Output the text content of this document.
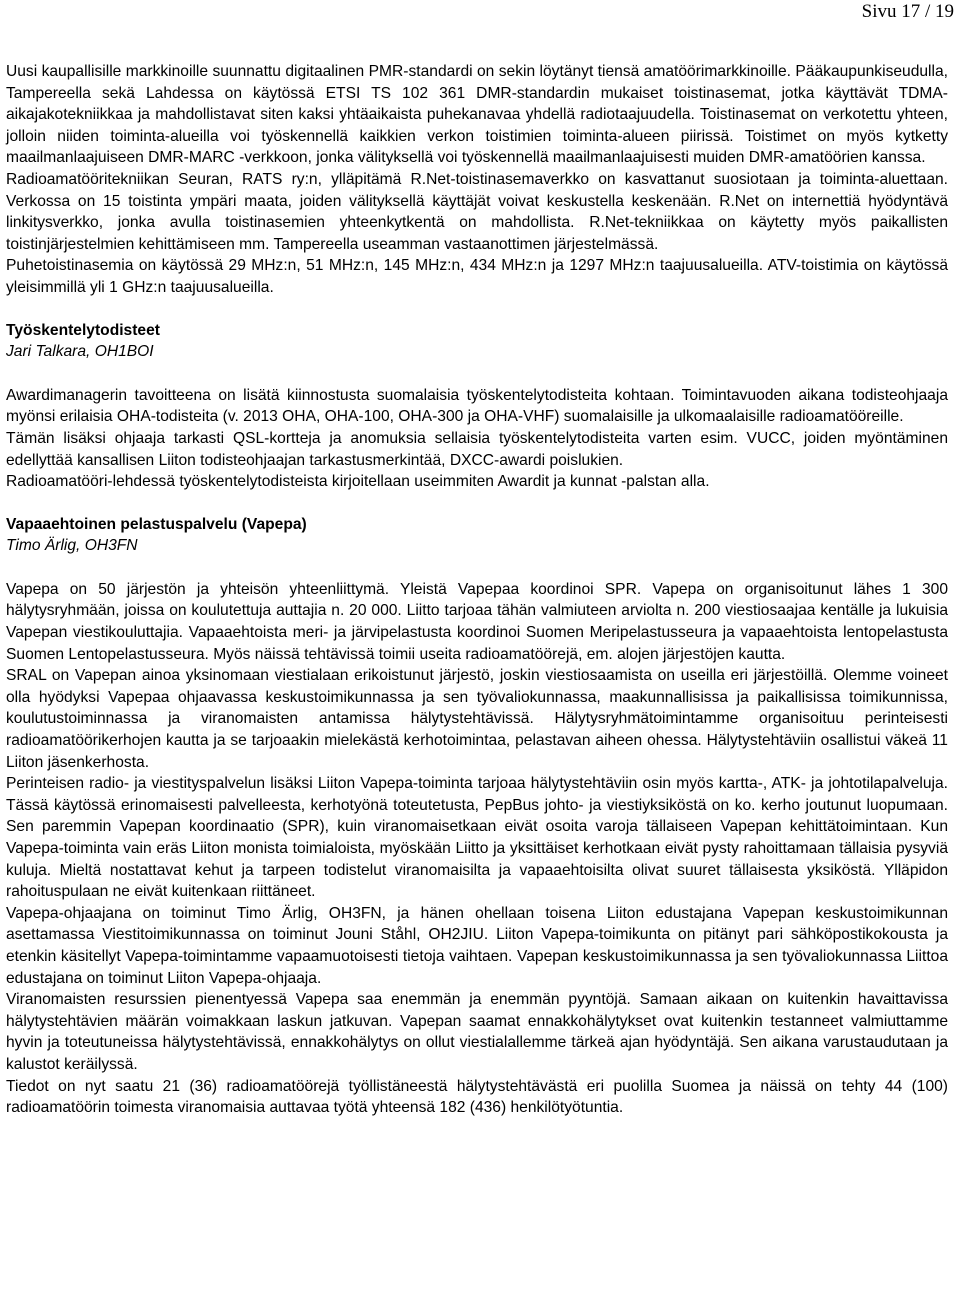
Sivu 17 / 19

Uusi kaupallisille markkinoille suunnattu digitaalinen PMR-standardi on sekin löytänyt tiensä amatöörimarkkinoille. Pääkaupunkiseudulla, Tampereella sekä Lahdessa on käytössä ETSI TS 102 361 DMR-standardin mukaiset toistinasemat, jotka käyttävät TDMA-aikajakotekniikkaa ja mahdollistavat siten kaksi yhtäaikaista puhekanavaa yhdellä radiotaajuudella. Toistinasemat on verkotettu yhteen, jolloin niiden toiminta-alueilla voi työskennellä kaikkien verkon toistimien toiminta-alueen piirissä. Toistimet on myös kytketty maailmanlaajuiseen DMR-MARC -verkkoon, jonka välityksellä voi työskennellä maailmanlaajuisesti muiden DMR-amatöörien kanssa.

Radioamatööritekniikan Seuran, RATS ry:n, ylläpitämä R.Net-toistinasemaverkko on kasvattanut suosiotaan ja toiminta-aluettaan. Verkossa on 15 toistinta ympäri maata, joiden välityksellä käyttäjät voivat keskustella keskenään. R.Net on internettiä hyödyntävä linkitysverkko, jonka avulla toistinasemien yhteenkytkentä on mahdollista. R.Net-tekniikkaa on käytetty myös paikallisten toistinjärjestelmien kehittämiseen mm. Tampereella useamman vastaanottimen järjestelmässä.

Puhetoistinasemia on käytössä 29 MHz:n, 51 MHz:n, 145 MHz:n, 434 MHz:n ja 1297 MHz:n taajuusalueilla. ATV-toistimia on käytössä yleisimmillä yli 1 GHz:n taajuusalueilla.

Työskentelytodisteet

Jari Talkara, OH1BOI

Awardimanagerin tavoitteena on lisätä kiinnostusta suomalaisia työskentelytodisteita kohtaan. Toimintavuoden aikana todisteohjaaja myönsi erilaisia OHA-todisteita (v. 2013 OHA, OHA-100, OHA-300 ja OHA-VHF) suomalaisille ja ulkomaalaisille radioamatööreille.

Tämän lisäksi ohjaaja tarkasti QSL-kortteja ja anomuksia sellaisia työskentelytodisteita varten esim. VUCC, joiden myöntäminen edellyttää kansallisen Liiton todisteohjaajan tarkastusmerkintää, DXCC-awardi poislukien.

Radioamatööri-lehdessä työskentelytodisteista kirjoitellaan useimmiten Awardit ja kunnat -palstan alla.

Vapaaehtoinen pelastuspalvelu (Vapepa)

Timo Ärlig, OH3FN

Vapepa on 50 järjestön ja yhteisön yhteenliittymä. Yleistä Vapepaa koordinoi SPR. Vapepa on organisoitunut lähes 1 300 hälytysryhmään, joissa on koulutettuja auttajia n. 20 000. Liitto tarjoaa tähän valmiuteen arviolta n. 200 viestiosaajaa kentälle ja lukuisia Vapepan viestikouluttajia. Vapaaehtoista meri- ja järvipelastusta koordinoi Suomen Meripelastusseura ja vapaaehtoista lentopelastusta Suomen Lentopelastusseura. Myös näissä tehtävissä toimii useita radioamatöörejä, em. alojen järjestöjen kautta.

SRAL on Vapepan ainoa yksinomaan viestialaan erikoistunut järjestö, joskin viestiosaamista on useilla eri järjestöillä. Olemme voineet olla hyödyksi Vapepaa ohjaavassa keskustoimikunnassa ja sen työvaliokunnassa, maakunnallisissa ja paikallisissa toimikunnissa, koulutustoiminnassa ja viranomaisten antamissa hälytystehtävissä. Hälytysryhmätoimintamme organisoituu perinteisesti radioamatöörikerhojen kautta ja se tarjoaakin mielekästä kerhotoimintaa, pelastavan aiheen ohessa. Hälytystehtäviin osallistui väkeä 11 Liiton jäsenkerhosta.

Perinteisen radio- ja viestityspalvelun lisäksi Liiton Vapepa-toiminta tarjoaa hälytystehtäviin osin myös kartta-, ATK- ja johtotilapalveluja. Tässä käytössä erinomaisesti palvelleesta, kerhotyönä toteutetusta, PepBus johto- ja viestiyksiköstä on ko. kerho joutunut luopumaan. Sen paremmin Vapepan koordinaatio (SPR), kuin viranomaisetkaan eivät osoita varoja tällaiseen Vapepan kehittätoimintaan. Kun Vapepa-toiminta vain eräs Liiton monista toimialoista, myöskään Liitto ja yksittäiset kerhotkaan eivät pysty rahoittamaan tällaisia pysyviä kuluja. Mieltä nostattavat kehut ja tarpeen todistelut viranomaisilta ja vapaaehtoisilta olivat suuret tällaisesta yksiköstä. Ylläpidon rahoituspulaan ne eivät kuitenkaan riittäneet.

Vapepa-ohjaajana on toiminut Timo Ärlig, OH3FN, ja hänen ohellaan toisena Liiton edustajana Vapepan keskustoimikunnan asettamassa Viestitoimikunnassa on toiminut Jouni Ståhl, OH2JIU. Liiton Vapepa-toimikunta on pitänyt pari sähköpostikokousta ja etenkin käsitellyt Vapepa-toimintamme vapaamuotoisesti tietoja vaihtaen. Vapepan keskustoimikunnassa ja sen työvaliokunnassa Liittoa edustajana on toiminut Liiton Vapepa-ohjaaja.

Viranomaisten resurssien pienentyessä Vapepa saa enemmän ja enemmän pyyntöjä. Samaan aikaan on kuitenkin havaittavissa hälytystehtävien määrän voimakkaan laskun jatkuvan. Vapepan saamat ennakkohälytykset ovat kuitenkin testanneet valmiuttamme hyvin ja toteutuneissa hälytystehtävissä, ennakkohälytys on ollut viestialallemme tärkeä ajan hyödyntäjä. Sen aikana varustaudutaan ja kalustot keräilyssä.

Tiedot on nyt saatu 21 (36) radioamatöörejä työllistäneestä hälytystehtävästä eri puolilla Suomea ja näissä on tehty 44 (100) radioamatöörin toimesta viranomaisia auttavaa työtä yhteensä 182 (436) henkilötyötuntia.
